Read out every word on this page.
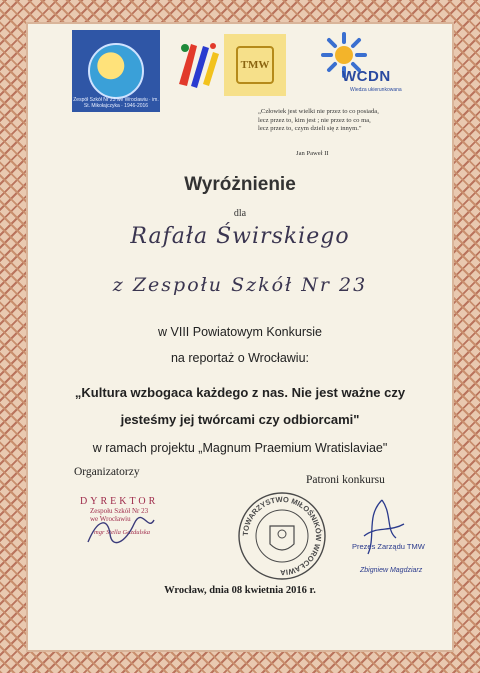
Zespół Szkół Nr 23 we Wrocławiu · im. St. Mikołajczyka · 1946-2016
TMW
WCDN
Wiedza ukierunkowana
„Człowiek jest wielki nie przez to co posiada,
lecz przez to, kim jest ; nie przez to co ma,
lecz przez to, czym dzieli się z innym."
Jan Paweł II
Wyróżnienie
dla
Rafała Świrskiego
z Zespołu Szkół Nr 23
w VIII Powiatowym Konkursie
na reportaż o Wrocławiu:
„Kultura wzbogaca każdego z nas. Nie jest ważne czy
jesteśmy jej twórcami czy odbiorcami"
w ramach projektu „Magnum Praemium Wratislaviae"
Organizatorzy
Patroni konkursu
DYREKTOR
Zespołu Szkół Nr 23
we Wrocławiu
mgr Stella Gazdulska	TOWARZYSTWO MIŁOŚNIKÓW WROCŁAWIA
Prezes Zarządu TMW
Zbigniew Magdziarz
Wrocław, dnia 08 kwietnia 2016 r.
